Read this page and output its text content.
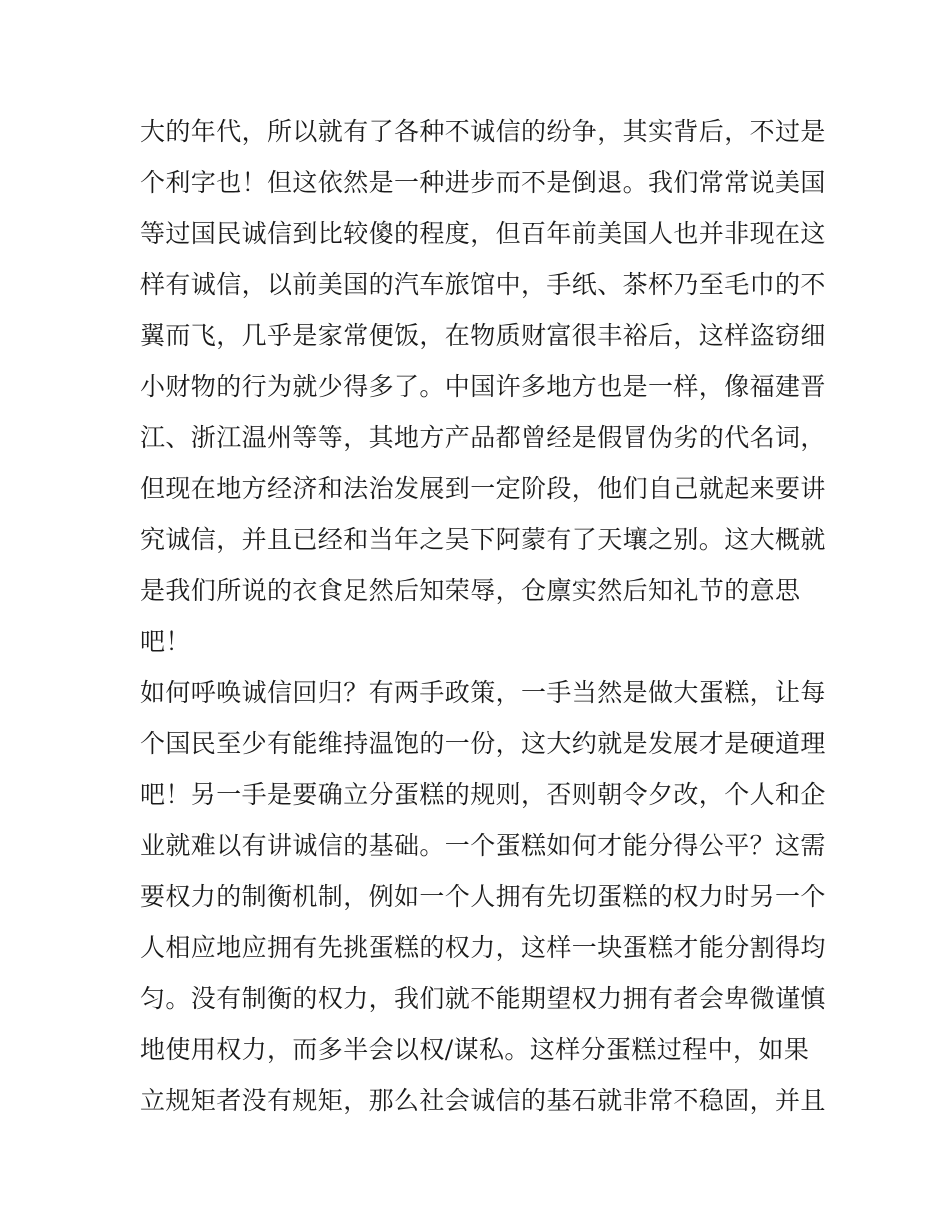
大的年代，所以就有了各种不诚信的纷争，其实背后，不过是
个利字也！但这依然是一种进步而不是倒退。我们常常说美国
等过国民诚信到比较傻的程度，但百年前美国人也并非现在这
样有诚信，以前美国的汽车旅馆中，手纸、茶杯乃至毛巾的不
翼而飞，几乎是家常便饭，在物质财富很丰裕后，这样盗窃细
小财物的行为就少得多了。中国许多地方也是一样，像福建晋
江、浙江温州等等，其地方产品都曾经是假冒伪劣的代名词，
但现在地方经济和法治发展到一定阶段，他们自己就起来要讲
究诚信，并且已经和当年之吴下阿蒙有了天壤之别。这大概就
是我们所说的衣食足然后知荣辱，仓廪实然后知礼节的意思
吧！
如何呼唤诚信回归？有两手政策，一手当然是做大蛋糕，让每
个国民至少有能维持温饱的一份，这大约就是发展才是硬道理
吧！另一手是要确立分蛋糕的规则，否则朝令夕改，个人和企
业就难以有讲诚信的基础。一个蛋糕如何才能分得公平？这需
要权力的制衡机制，例如一个人拥有先切蛋糕的权力时另一个
人相应地应拥有先挑蛋糕的权力，这样一块蛋糕才能分割得均
匀。没有制衡的权力，我们就不能期望权力拥有者会卑微谨慎
地使用权力，而多半会以权/谋私。这样分蛋糕过程中，如果
立规矩者没有规矩，那么社会诚信的基石就非常不稳固，并且
